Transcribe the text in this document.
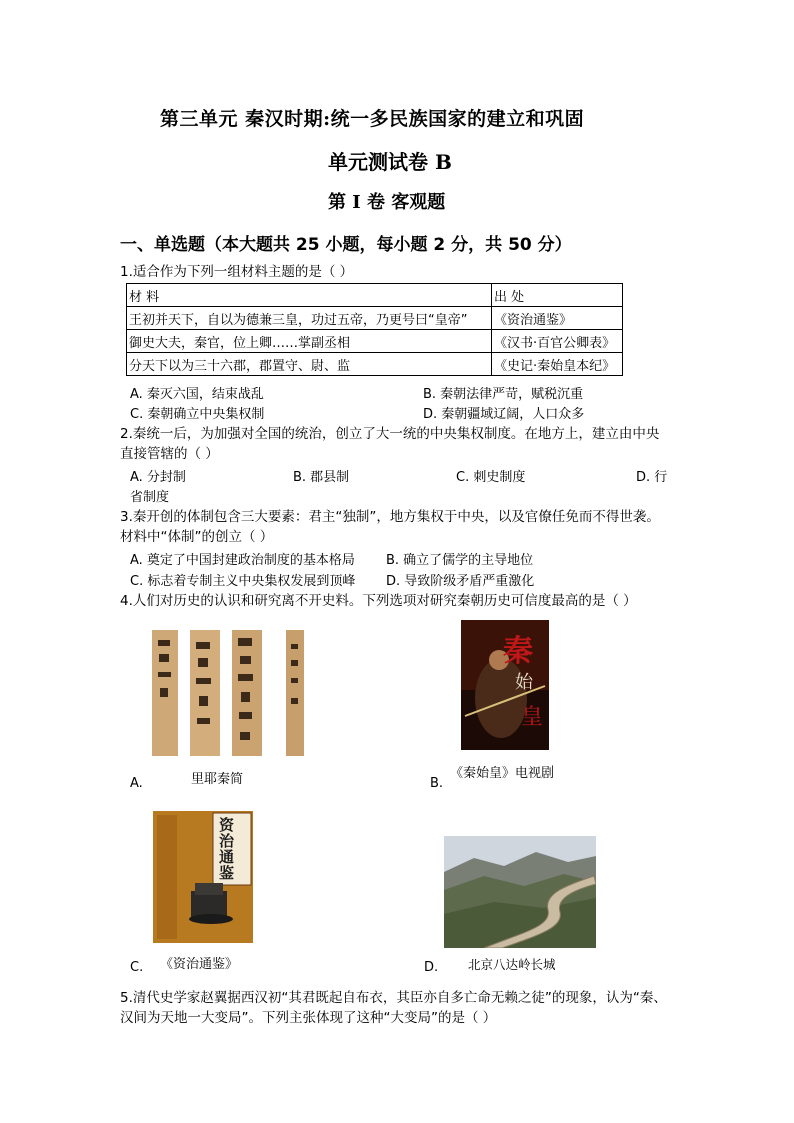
第三单元 秦汉时期:统一多民族国家的建立和巩固
单元测试卷 B
第 I 卷 客观题
一、单选题（本大题共 25 小题，每小题 2 分，共 50 分）
1.适合作为下列一组材料主题的是（ ）
材 料	出 处
王初并天下，自以为德兼三皇，功过五帝，乃更号曰“皇帝”	《资治通鉴》
御史大夫，秦官，位上卿……掌副丞相	《汉书·百官公卿表》
分天下以为三十六郡，郡置守、尉、监	《史记·秦始皇本纪》
A. 秦灭六国，结束战乱	B. 秦朝法律严苛，赋税沉重
C. 秦朝确立中央集权制	D. 秦朝疆域辽阔，人口众多
2.秦统一后，为加强对全国的统治，创立了大一统的中央集权制度。在地方上，建立由中央
直接管辖的（ ）
A. 分封制	B. 郡县制	C. 刺史制度	D. 行
省制度
3.秦开创的体制包含三大要素：君主“独制”，地方集权于中央，以及官僚任免而不得世袭。
材料中“体制”的创立（ ）
A. 奠定了中国封建政治制度的基本格局 B. 确立了儒学的主导地位
C. 标志着专制主义中央集权发展到顶峰 D. 导致阶级矛盾严重激化
4.人们对历史的认识和研究离不开史料。下列选项对研究秦朝历史可信度最高的是（ ）
A.	里耶秦简
秦
始
皇
B.
《秦始皇》电视剧
资治通鉴
C. 《资治通鉴》	D. 北京八达岭长城
5.清代史学家赵翼据西汉初“其君既起自布衣，其臣亦自多亡命无赖之徒”的现象，认为“秦、
汉间为天地一大变局”。下列主张体现了这种“大变局”的是（ ）
